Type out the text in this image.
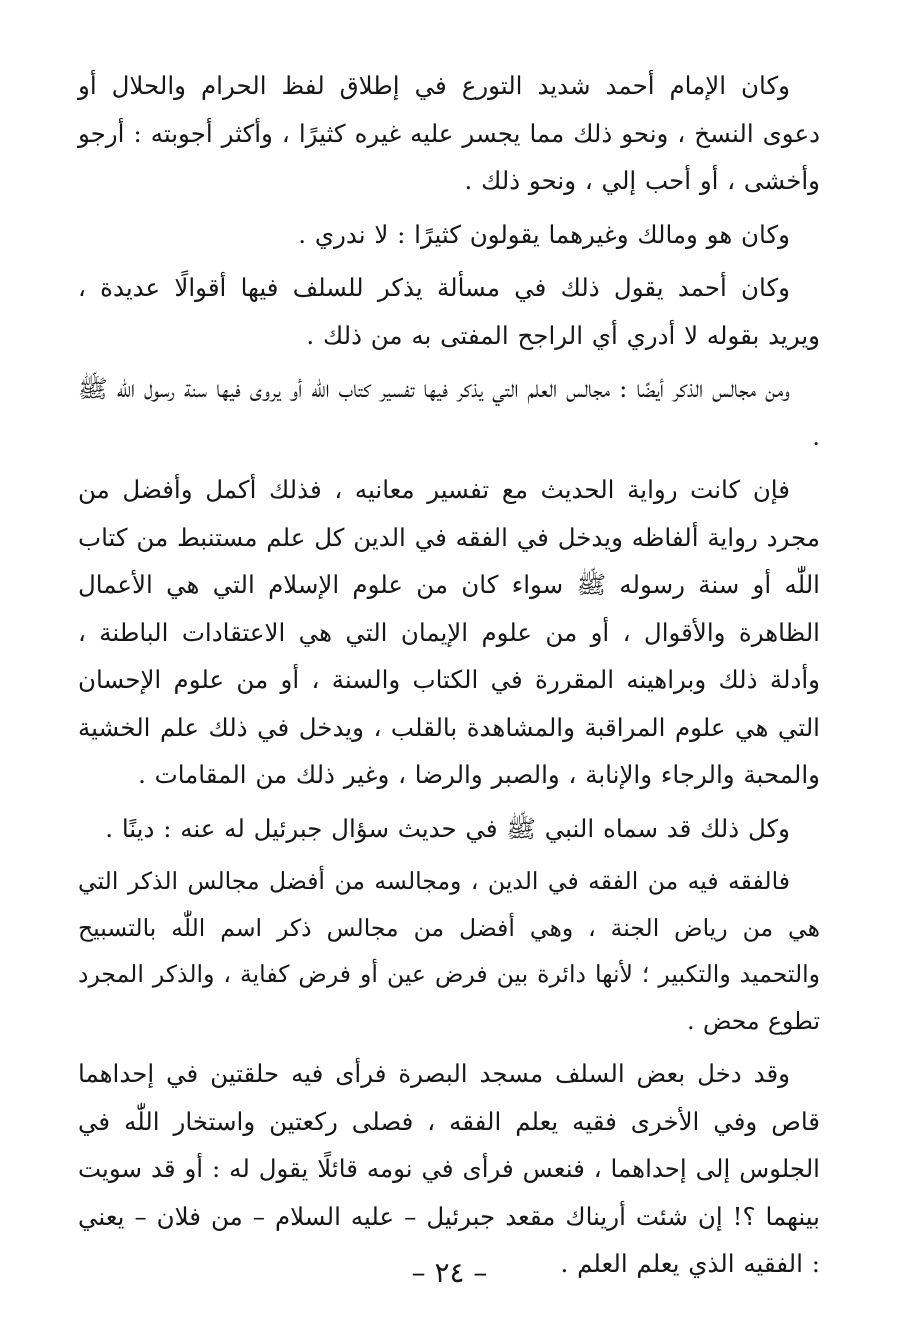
وكان الإمام أحمد شديد التورع في إطلاق لفظ الحرام والحلال أو دعوى النسخ ، ونحو ذلك مما يجسر عليه غيره كثيرًا ، وأكثر أجوبته : أرجو وأخشى ، أو أحب إلي ، ونحو ذلك .

وكان هو ومالك وغيرهما يقولون كثيرًا : لا ندري .

وكان أحمد يقول ذلك في مسألة يذكر للسلف فيها أقوالًا عديدة ، ويريد بقوله لا أدري أي الراجح المفتى به من ذلك .

ومن مجالس الذكر أيضًا : مجالس العلم التي يذكر فيها تفسير كتاب اللّٰه أو يروى فيها سنة رسول اللّٰه ﷺ .

فإن كانت رواية الحديث مع تفسير معانيه ، فذلك أكمل وأفضل من مجرد رواية ألفاظه ويدخل في الفقه في الدين كل علم مستنبط من كتاب اللّٰه أو سنة رسوله ﷺ سواء كان من علوم الإسلام التي هي الأعمال الظاهرة والأقوال ، أو من علوم الإيمان التي هي الاعتقادات الباطنة ، وأدلة ذلك وبراهينه المقررة في الكتاب والسنة ، أو من علوم الإحسان التي هي علوم المراقبة والمشاهدة بالقلب ، ويدخل في ذلك علم الخشية والمحبة والرجاء والإنابة ، والصبر والرضا ، وغير ذلك من المقامات .

وكل ذلك قد سماه النبي ﷺ في حديث سؤال جبرئيل له عنه : دينًا .

فالفقه فيه من الفقه في الدين ، ومجالسه من أفضل مجالس الذكر التي هي من رياض الجنة ، وهي أفضل من مجالس ذكر اسم اللّٰه بالتسبيح والتحميد والتكبير ؛ لأنها دائرة بين فرض عين أو فرض كفاية ، والذكر المجرد تطوع محض .

وقد دخل بعض السلف مسجد البصرة فرأى فيه حلقتين في إحداهما قاص وفي الأخرى فقيه يعلم الفقه ، فصلى ركعتين واستخار اللّٰه في الجلوس إلى إحداهما ، فنعس فرأى في نومه قائلًا يقول له : أو قد سويت بينهما ؟! إن شئت أريناك مقعد جبرئيل – عليه السلام – من فلان – يعني : الفقيه الذي يعلم العلم .

– ٢٤ –
